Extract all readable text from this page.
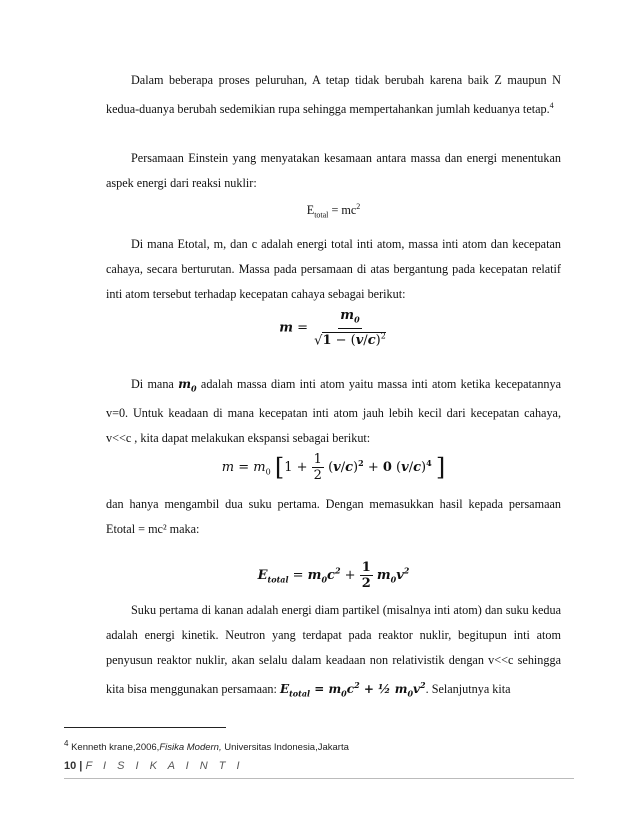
Dalam beberapa proses peluruhan, A tetap tidak berubah karena baik Z maupun N kedua-duanya berubah sedemikian rupa sehingga mempertahankan jumlah keduanya tetap.$^4$
Persamaan Einstein yang menyatakan kesamaan antara massa dan energi menentukan aspek energi dari reaksi nuklir:
$E_{total} = mc^2$
Di mana Etotal, m, dan c adalah energi total inti atom, massa inti atom dan kecepatan cahaya, secara berturutan. Massa pada persamaan di atas bergantung pada kecepatan relatif inti atom tersebut terhadap kecepatan cahaya sebagai berikut:
$m = \frac{m_0}{√1 - (v/c)^2}$
Di mana $m_0$ adalah massa diam inti atom yaitu massa inti atom ketika kecepatannya v=0. Untuk keadaan di mana kecepatan inti atom jauh lebih kecil dari kecepatan cahaya, v<<c , kita dapat melakukan ekspansi sebagai berikut:
$m = m_0$ [$1 + \frac{1}{2} (v/c)^2 + 0$ $(v/c)^4$ ]
dan hanya mengambil dua suku pertama. Dengan memasukkan hasil kepada persamaan Etotal = mc² maka:
$E_{total} = m_0c^2 + \frac{1}{2} m_0v^2$
Suku pertama di kanan adalah energi diam partikel (misalnya inti atom) dan suku kedua adalah energi kinetik. Neutron yang terdapat pada reaktor nuklir, begitupun inti atom penyusun reaktor nuklir, akan selalu dalam keadaan non relativistik dengan v<<c sehingga kita bisa menggunakan persamaan: $E_{total} = m_0c^2$ + ½ $m_0v^2$. Selanjutnya kita
$^4$ Kenneth krane,2006,Fisika Modern, Universitas Indonesia,Jakarta
10 | F I S I K A I N T I
